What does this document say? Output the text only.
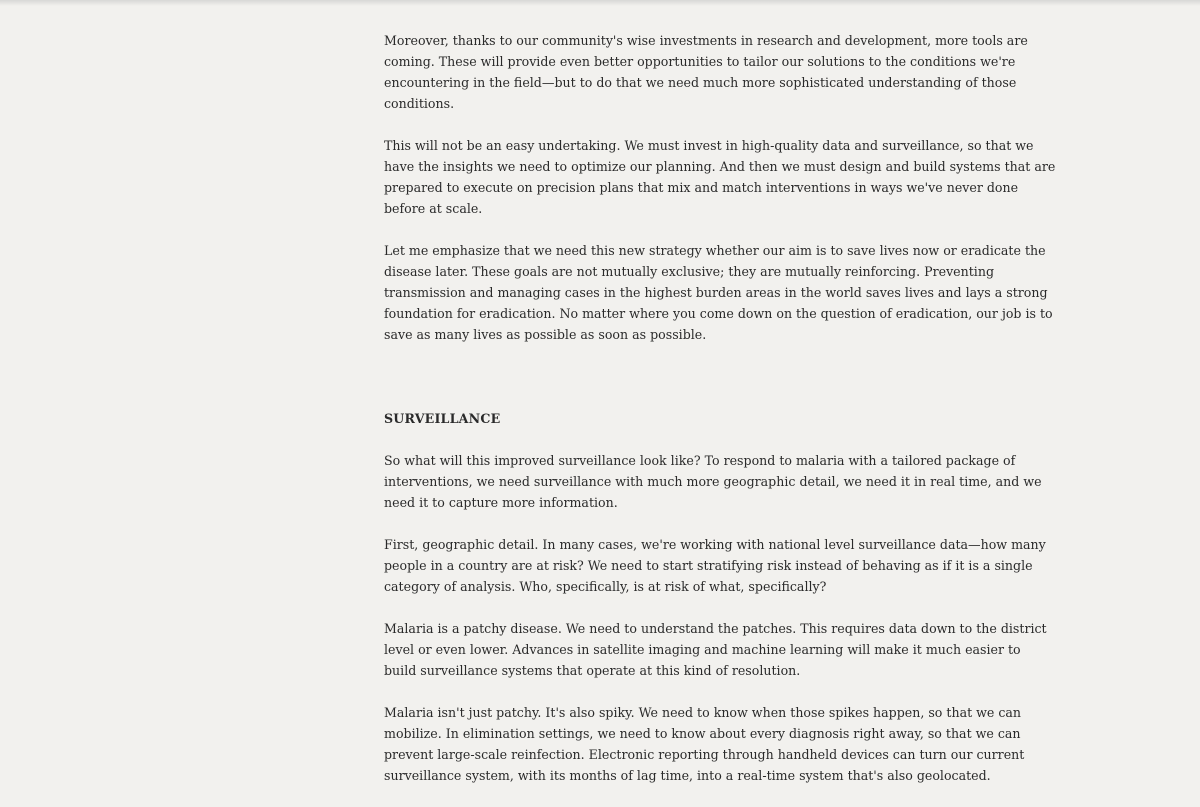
Moreover, thanks to our community's wise investments in research and development, more tools are coming. These will provide even better opportunities to tailor our solutions to the conditions we're encountering in the field—but to do that we need much more sophisticated understanding of those conditions.

This will not be an easy undertaking. We must invest in high-quality data and surveillance, so that we have the insights we need to optimize our planning. And then we must design and build systems that are prepared to execute on precision plans that mix and match interventions in ways we've never done before at scale.

Let me emphasize that we need this new strategy whether our aim is to save lives now or eradicate the disease later. These goals are not mutually exclusive; they are mutually reinforcing. Preventing transmission and managing cases in the highest burden areas in the world saves lives and lays a strong foundation for eradication. No matter where you come down on the question of eradication, our job is to save as many lives as possible as soon as possible.

SURVEILLANCE

So what will this improved surveillance look like? To respond to malaria with a tailored package of interventions, we need surveillance with much more geographic detail, we need it in real time, and we need it to capture more information.

First, geographic detail. In many cases, we're working with national level surveillance data—how many people in a country are at risk? We need to start stratifying risk instead of behaving as if it is a single category of analysis. Who, specifically, is at risk of what, specifically?

Malaria is a patchy disease. We need to understand the patches. This requires data down to the district level or even lower. Advances in satellite imaging and machine learning will make it much easier to build surveillance systems that operate at this kind of resolution.

Malaria isn't just patchy. It's also spiky. We need to know when those spikes happen, so that we can mobilize. In elimination settings, we need to know about every diagnosis right away, so that we can prevent large-scale reinfection. Electronic reporting through handheld devices can turn our current surveillance system, with its months of lag time, into a real-time system that's also geolocated.
